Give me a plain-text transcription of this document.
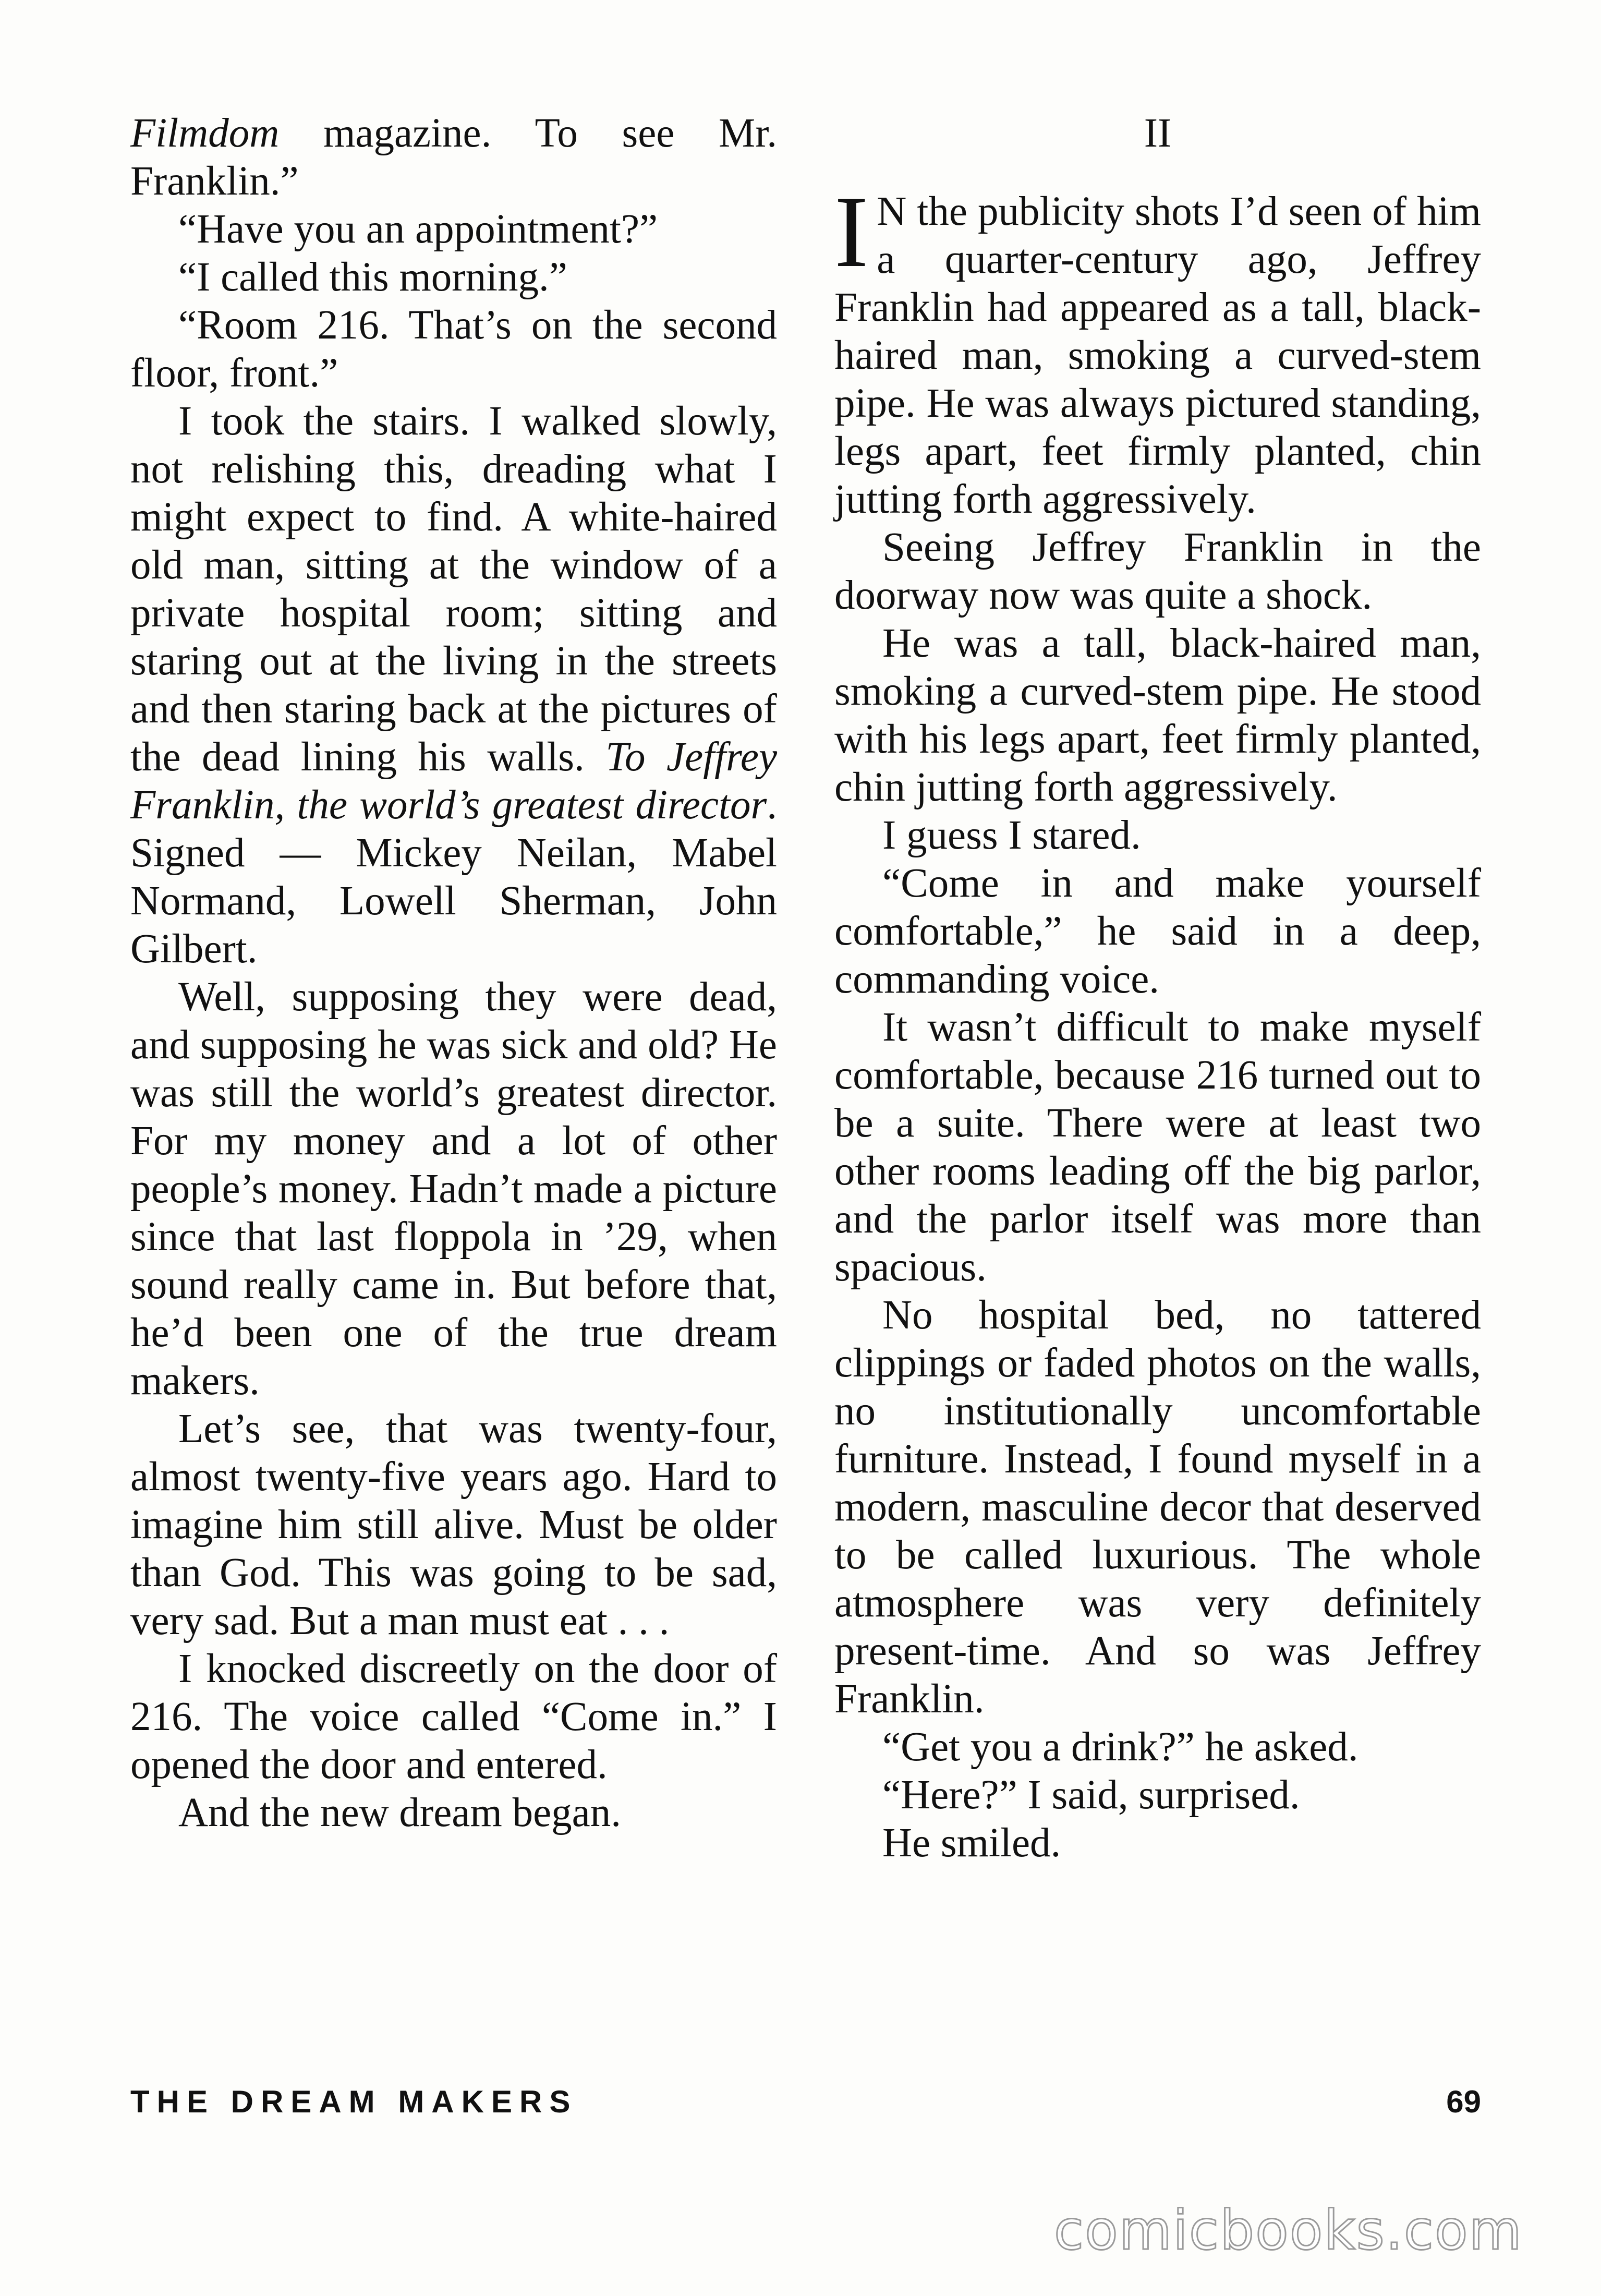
Filmdom magazine. To see Mr. Franklin.”

“Have you an appointment?”

“I called this morning.”

“Room 216. That’s on the second floor, front.”

I took the stairs. I walked slowly, not relishing this, dreading what I might expect to find. A white-haired old man, sitting at the window of a private hospital room; sitting and staring out at the living in the streets and then staring back at the pictures of the dead lining his walls. To Jeffrey Franklin, the world’s greatest director. Signed — Mickey Neilan, Mabel Normand, Lowell Sherman, John Gilbert.

Well, supposing they were dead, and supposing he was sick and old? He was still the world’s greatest director. For my money and a lot of other people’s money. Hadn’t made a picture since that last floppola in ’29, when sound really came in. But before that, he’d been one of the true dream makers.

Let’s see, that was twenty-four, almost twenty-five years ago. Hard to imagine him still alive. Must be older than God. This was going to be sad, very sad. But a man must eat . . .

I knocked discreetly on the door of 216. The voice called “Come in.” I opened the door and entered.

And the new dream began.

II

I N the publicity shots I’d seen of him a quarter-century ago, Jeffrey Franklin had appeared as a tall, black-haired man, smoking a curved-stem pipe. He was always pictured standing, legs apart, feet firmly planted, chin jutting forth aggressively.

Seeing Jeffrey Franklin in the doorway now was quite a shock.

He was a tall, black-haired man, smoking a curved-stem pipe. He stood with his legs apart, feet firmly planted, chin jutting forth aggressively.

I guess I stared.

“Come in and make yourself comfortable,” he said in a deep, commanding voice.

It wasn’t difficult to make myself comfortable, because 216 turned out to be a suite. There were at least two other rooms leading off the big parlor, and the parlor itself was more than spacious.

No hospital bed, no tattered clippings or faded photos on the walls, no institutionally uncomfortable furniture. Instead, I found myself in a modern, masculine decor that deserved to be called luxurious. The whole atmosphere was very definitely present-time. And so was Jeffrey Franklin.

“Get you a drink?” he asked.

“Here?” I said, surprised.

He smiled.

THE DREAM MAKERS	69
comicbooks.com
